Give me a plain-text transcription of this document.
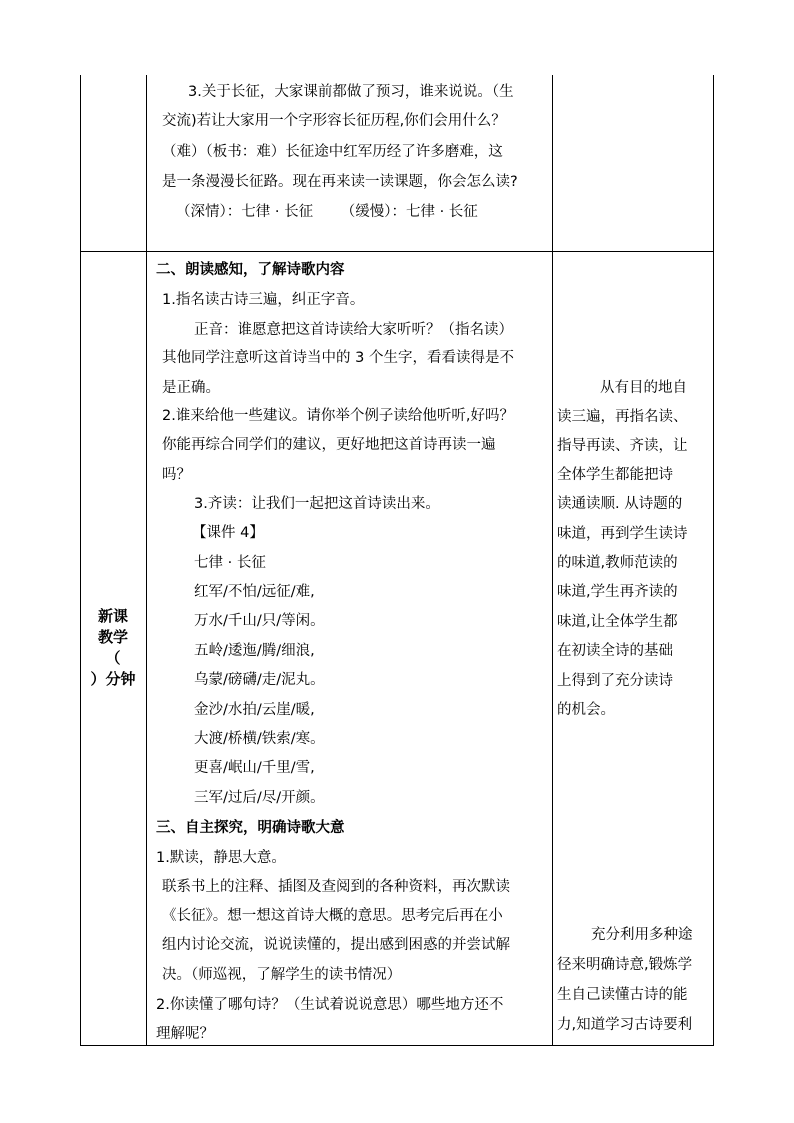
3.关于长征，大家课前都做了预习，谁来说说。（生
交流)若让大家用一个字形容长征历程,你们会用什么？
（难）（板书：难）长征途中红军历经了许多磨难，这
是一条漫漫长征路。现在再来读一读课题，你会怎么读?
（深情）：七律 · 长征      （缓慢）：七律 · 长征
新课
教学
（
）分钟
二、朗读感知，了解诗歌内容
1.指名读古诗三遍，纠正字音。
正音：谁愿意把这首诗读给大家听听？（指名读）
其他同学注意听这首诗当中的 3 个生字，看看读得是不
是正确。
2.谁来给他一些建议。请你举个例子读给他听听,好吗？
你能再综合同学们的建议，更好地把这首诗再读一遍
吗？
3.齐读：让我们一起把这首诗读出来。
【课件 4】
七律 · 长征
红军/不怕/远征/难,
万水/千山/只/等闲。
五岭/逶迤/腾/细浪,
乌蒙/磅礴/走/泥丸。
金沙/水拍/云崖/暖,
大渡/桥横/铁索/寒。
更喜/岷山/千里/雪,
三军/过后/尽/开颜。
三、自主探究，明确诗歌大意
1.默读，静思大意。
联系书上的注释、插图及查阅到的各种资料，再次默读
《长征》。想一想这首诗大概的意思。思考完后再在小
组内讨论交流，说说读懂的，提出感到困惑的并尝试解
决。（师巡视，了解学生的读书情况）
2.你读懂了哪句诗？（生试着说说意思）哪些地方还不
理解呢？
从有目的地自
读三遍，再指名读、
指导再读、齐读，让
全体学生都能把诗
读通读顺. 从诗题的
味道，再到学生读诗
的味道,教师范读的
味道,学生再齐读的
味道,让全体学生都
在初读全诗的基础
上得到了充分读诗
的机会。
充分利用多种途
径来明确诗意,锻炼学
生自己读懂古诗的能
力,知道学习古诗要利
